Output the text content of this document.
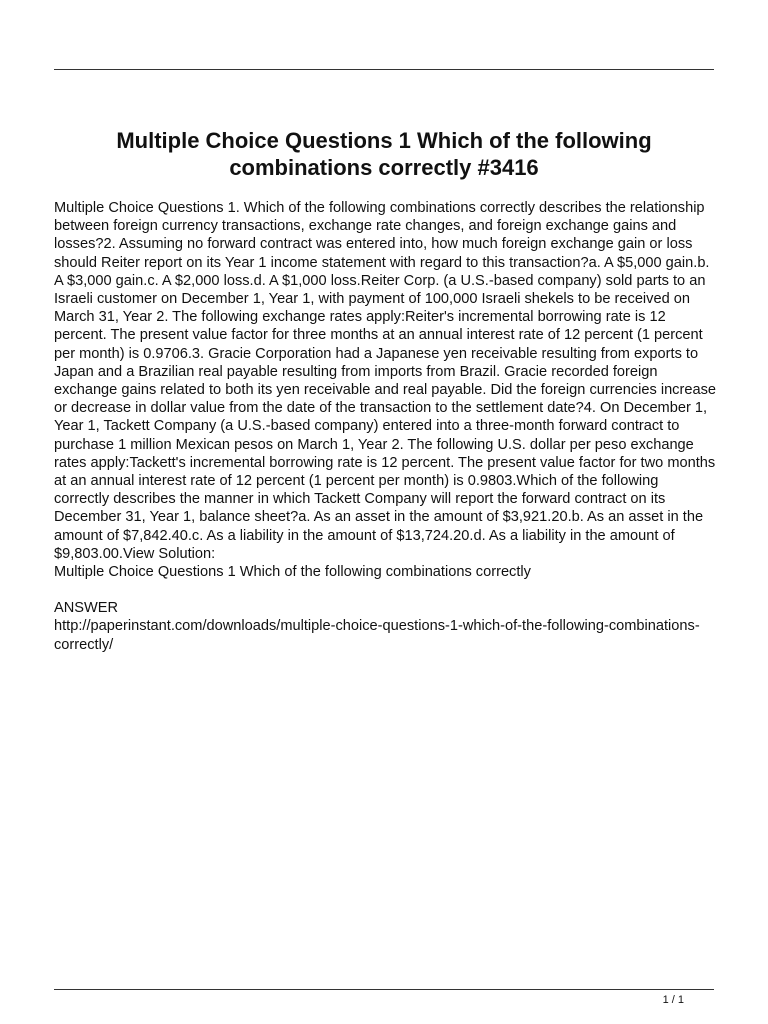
Multiple Choice Questions 1 Which of the following combinations correctly #3416

Multiple Choice Questions 1. Which of the following combinations correctly describes the relationship between foreign currency transactions, exchange rate changes, and foreign exchange gains and losses?2. Assuming no forward contract was entered into, how much foreign exchange gain or loss should Reiter report on its Year 1 income statement with regard to this transaction?a. A $5,000 gain.b. A $3,000 gain.c. A $2,000 loss.d. A $1,000 loss.Reiter Corp. (a U.S.-based company) sold parts to an Israeli customer on December 1, Year 1, with payment of 100,000 Israeli shekels to be received on March 31, Year 2. The following exchange rates apply:Reiter's incremental borrowing rate is 12 percent. The present value factor for three months at an annual interest rate of 12 percent (1 percent per month) is 0.9706.3. Gracie Corporation had a Japanese yen receivable resulting from exports to Japan and a Brazilian real payable resulting from imports from Brazil. Gracie recorded foreign exchange gains related to both its yen receivable and real payable. Did the foreign currencies increase or decrease in dollar value from the date of the transaction to the settlement date?4. On December 1, Year 1, Tackett Company (a U.S.-based company) entered into a three-month forward contract to purchase 1 million Mexican pesos on March 1, Year 2. The following U.S. dollar per peso exchange rates apply:Tackett's incremental borrowing rate is 12 percent. The present value factor for two months at an annual interest rate of 12 percent (1 percent per month) is 0.9803.Which of the following correctly describes the manner in which Tackett Company will report the forward contract on its December 31, Year 1, balance sheet?a. As an asset in the amount of $3,921.20.b. As an asset in the amount of $7,842.40.c. As a liability in the amount of $13,724.20.d. As a liability in the amount of $9,803.00.View Solution:

Multiple Choice Questions 1 Which of the following combinations correctly

ANSWER

http://paperinstant.com/downloads/multiple-choice-questions-1-which-of-the-following-combinations-correctly/

1 / 1
